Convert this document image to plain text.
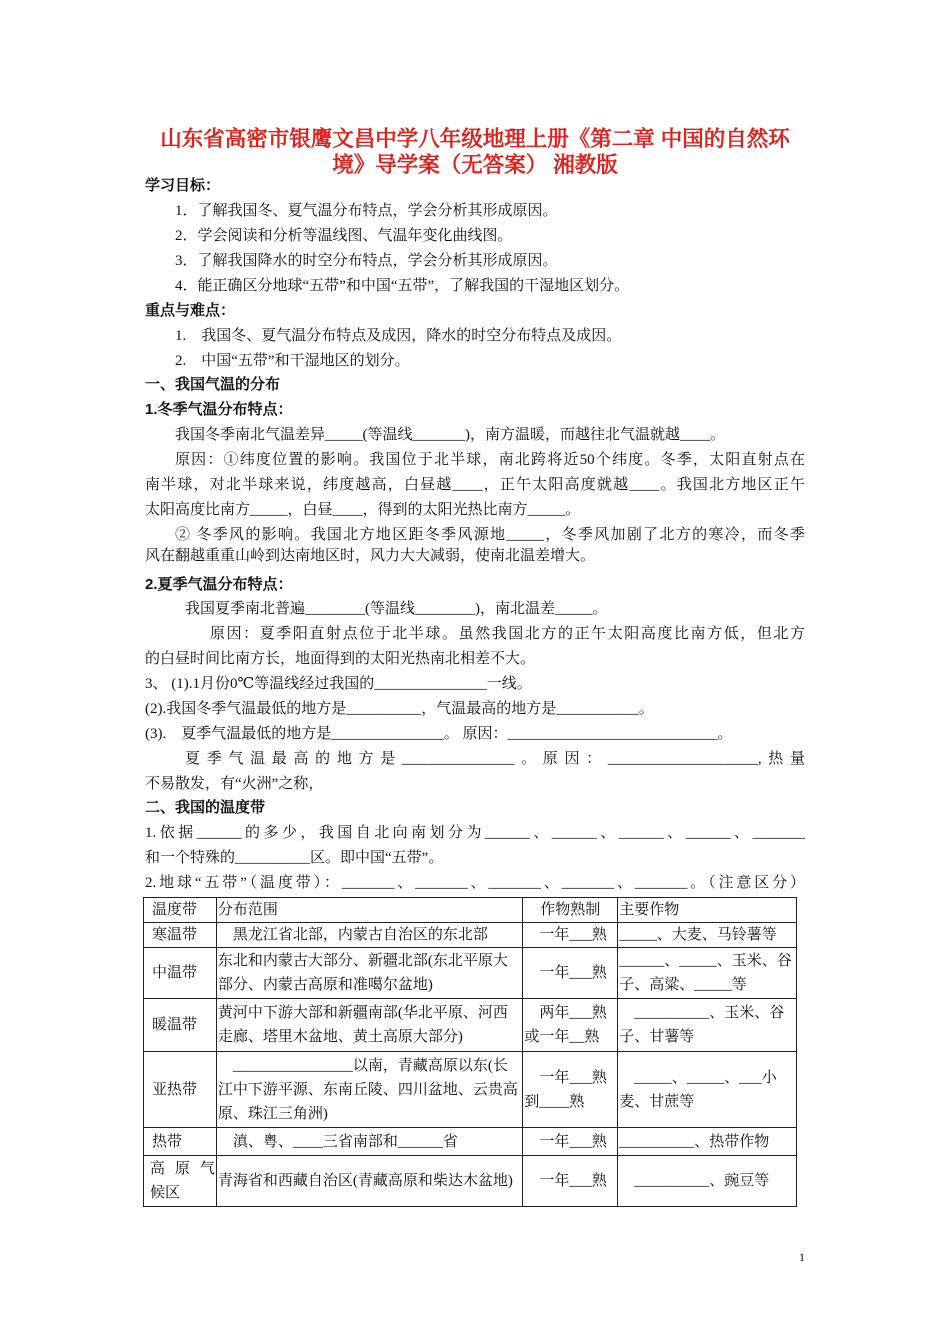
山东省高密市银鹰文昌中学八年级地理上册《第二章 中国的自然环
境》导学案（无答案） 湘教版
学习目标：
1．了解我国冬、夏气温分布特点，学会分析其形成原因。
2．学会阅读和分析等温线图、气温年变化曲线图。
3．了解我国降水的时空分布特点，学会分析其形成原因。
4．能正确区分地球“五带”和中国“五带”，了解我国的干湿地区划分。
重点与难点：
1.　我国冬、夏气温分布特点及成因，降水的时空分布特点及成因。
2.　中国“五带”和干湿地区的划分。
一、我国气温的分布
1.冬季气温分布特点：
我国冬季南北气温差异_____(等温线_______)，南方温暖，而越往北气温就越____。
原因：①纬度位置的影响。我国位于北半球，南北跨将近50个纬度。冬季，太阳直射点在
南半球，对北半球来说，纬度越高，白昼越____，正午太阳高度就越____。我国北方地区正午
太阳高度比南方_____，白昼____，得到的太阳光热比南方_____。
② 冬季风的影响。我国北方地区距冬季风源地_____，冬季风加剧了北方的寒冷，而冬季
风在翻越重重山岭到达南地区时，风力大大减弱，使南北温差增大。
2.夏季气温分布特点：
我国夏季南北普遍________(等温线________)，南北温差_____。
原因：夏季阳直射点位于北半球。虽然我国北方的正午太阳高度比南方低，但北方
的白昼时间比南方长，地面得到的太阳光热南北相差不大。
3、 (1).1月份0℃等温线经过我国的_______________一线。
(2).我国冬季气温最低的地方是__________，气温最高的地方是___________。
(3).　夏季气温最低的地方是_______________。 原因：____________________________。
夏季气温最高的地方是_______________。原因：____________________,热量
不易散发，有“火洲”之称，
二、我国的温度带
1.依据______的多少，我国自北向南划分为______、______、______、______、_______
和一个特殊的__________区。即中国“五带”。
2.地球“五带”（温度带）：_______、_______、_______、_______、_______。（注意区分）
温度带	分布范围	作物熟制	主要作物
寒温带	　黑龙江省北部，内蒙古自治区的东北部	　一年___熟	_____、大麦、马铃薯等
中温带	东北和内蒙古大部分、新疆北部(东北平原大部分、内蒙古高原和准噶尔盆地)	　一年___熟	______、_____、玉米、谷子、高粱、_____等
暖温带	黄河中下游大部和新疆南部(华北平原、河西走廊、塔里木盆地、黄土高原大部分)	　两年___熟或一年__熟	　__________、玉米、谷子、甘薯等
亚热带	　________________以南，青藏高原以东(长江中下游平源、东南丘陵、四川盆地、云贵高原、珠江三角洲)	　一年___熟到____熟	　_____、_____、___小麦、甘蔗等
热带	　滇、粤、____三省南部和______省	　一年___熟	__________、热带作物
高 原 气候区	青海省和西藏自治区(青藏高原和柴达木盆地)	　一年___熟	　__________、豌豆等
1
